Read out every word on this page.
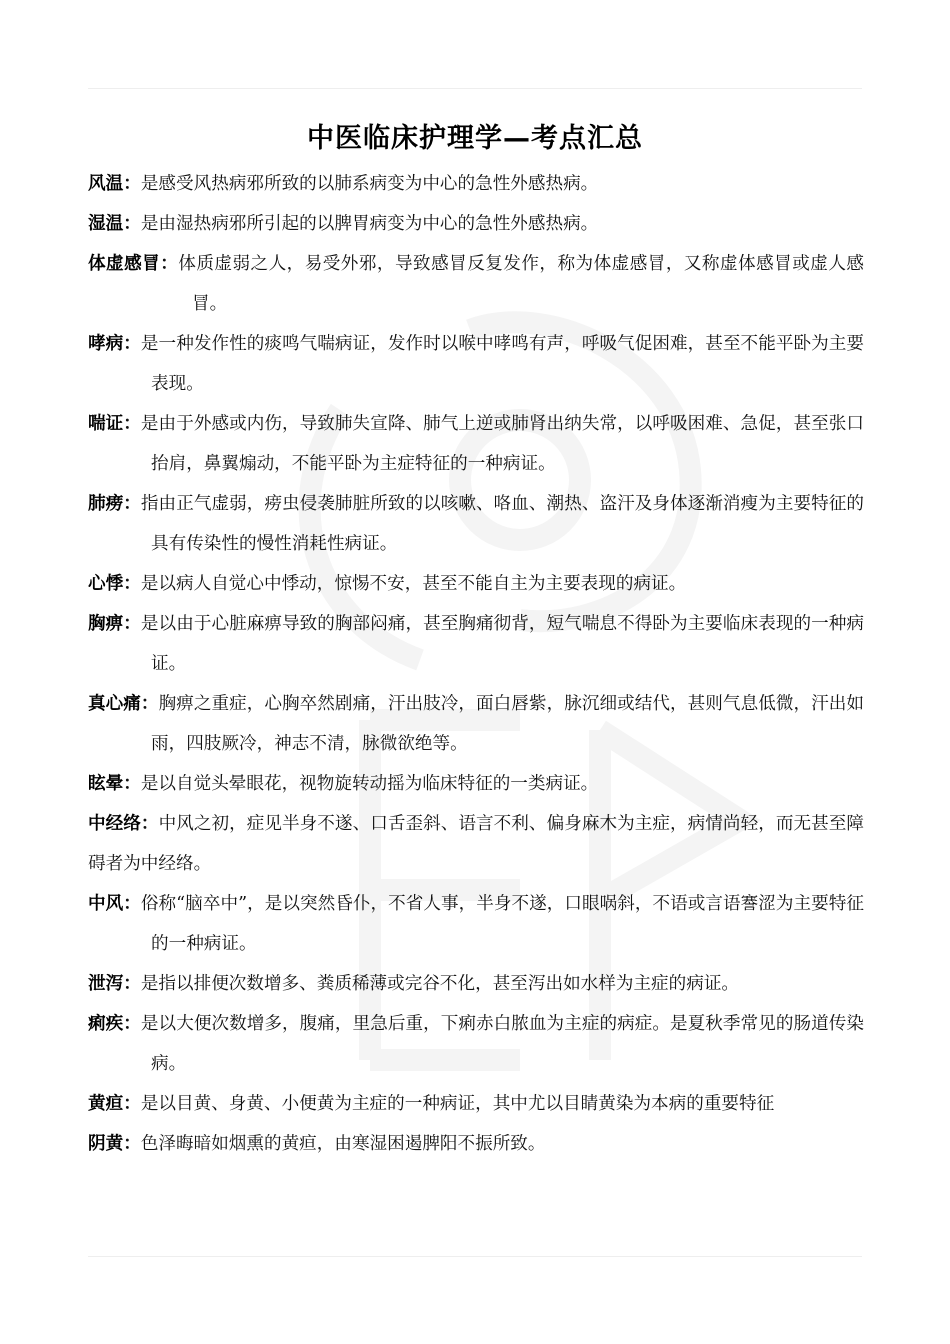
中医临床护理学—考点汇总

风温：是感受风热病邪所致的以肺系病变为中心的急性外感热病。

湿温：是由湿热病邪所引起的以脾胃病变为中心的急性外感热病。

体虚感冒：体质虚弱之人，易受外邪，导致感冒反复发作，称为体虚感冒，又称虚体感冒或虚人感冒。

哮病：是一种发作性的痰鸣气喘病证，发作时以喉中哮鸣有声，呼吸气促困难，甚至不能平卧为主要表现。

喘证：是由于外感或内伤，导致肺失宣降、肺气上逆或肺肾出纳失常，以呼吸困难、急促，甚至张口抬肩，鼻翼煽动，不能平卧为主症特征的一种病证。

肺痨：指由正气虚弱，痨虫侵袭肺脏所致的以咳嗽、咯血、潮热、盗汗及身体逐渐消瘦为主要特征的具有传染性的慢性消耗性病证。

心悸：是以病人自觉心中悸动，惊惕不安，甚至不能自主为主要表现的病证。

胸痹：是以由于心脏麻痹导致的胸部闷痛，甚至胸痛彻背，短气喘息不得卧为主要临床表现的一种病证。

真心痛：胸痹之重症，心胸卒然剧痛，汗出肢冷，面白唇紫，脉沉细或结代，甚则气息低微，汗出如雨，四肢厥冷，神志不清，脉微欲绝等。

眩晕：是以自觉头晕眼花，视物旋转动摇为临床特征的一类病证。

中经络：中风之初，症见半身不遂、口舌歪斜、语言不利、偏身麻木为主症，病情尚轻，而无甚至障碍者为中经络。

中风：俗称“脑卒中”，是以突然昏仆，不省人事，半身不遂，口眼㖞斜，不语或言语謇涩为主要特征的一种病证。

泄泻：是指以排便次数增多、粪质稀薄或完谷不化，甚至泻出如水样为主症的病证。

痢疾：是以大便次数增多，腹痛，里急后重，下痢赤白脓血为主症的病症。是夏秋季常见的肠道传染病。

黄疸：是以目黄、身黄、小便黄为主症的一种病证，其中尤以目睛黄染为本病的重要特征

阴黄：色泽晦暗如烟熏的黄疸，由寒湿困遏脾阳不振所致。
